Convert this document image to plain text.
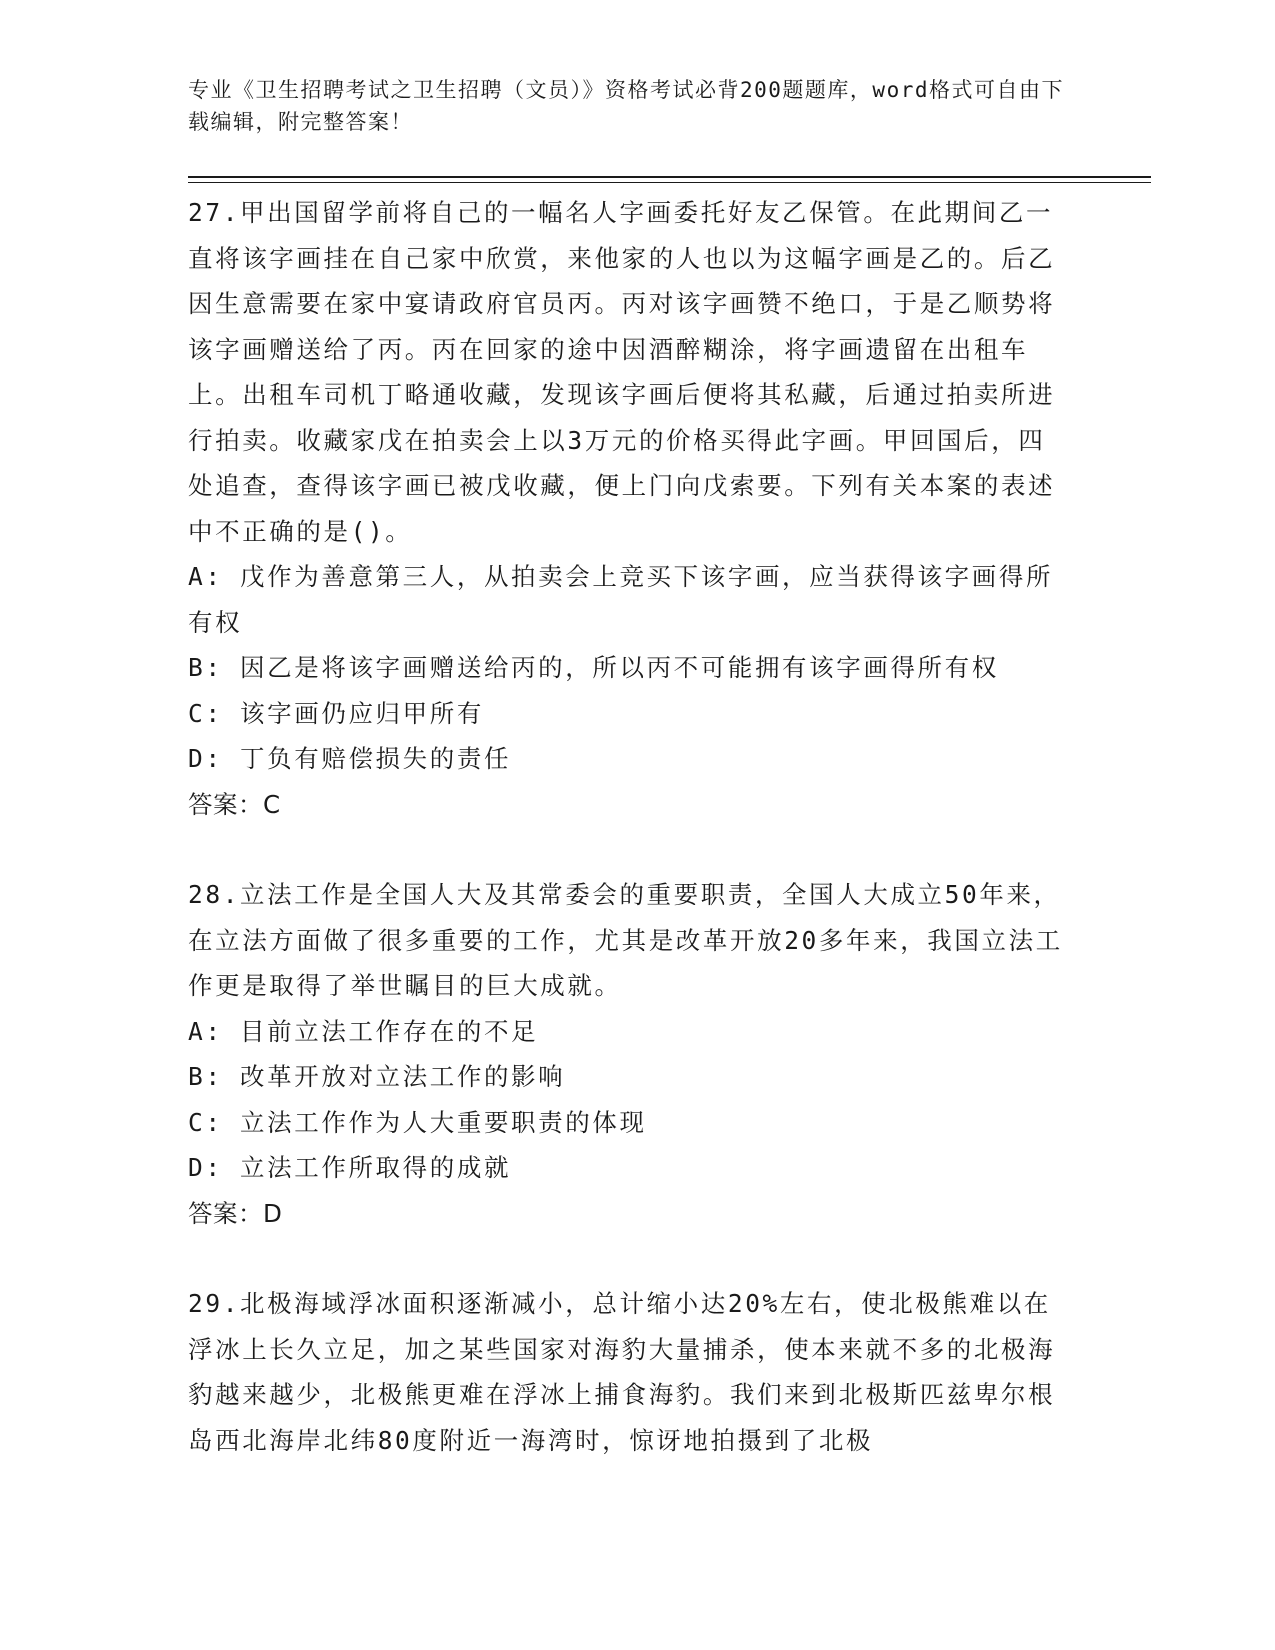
专业《卫生招聘考试之卫生招聘（文员）》资格考试必背200题题库，word格式可自由下载编辑，附完整答案！
27.甲出国留学前将自己的一幅名人字画委托好友乙保管。在此期间乙一直将该字画挂在自己家中欣赏，来他家的人也以为这幅字画是乙的。后乙因生意需要在家中宴请政府官员丙。丙对该字画赞不绝口，于是乙顺势将该字画赠送给了丙。丙在回家的途中因酒醉糊涂，将字画遗留在出租车上。出租车司机丁略通收藏，发现该字画后便将其私藏，后通过拍卖所进行拍卖。收藏家戊在拍卖会上以3万元的价格买得此字画。甲回国后，四处追查，查得该字画已被戊收藏，便上门向戊索要。下列有关本案的表述中不正确的是()。
A: 戊作为善意第三人，从拍卖会上竞买下该字画，应当获得该字画得所有权
B: 因乙是将该字画赠送给丙的，所以丙不可能拥有该字画得所有权
C: 该字画仍应归甲所有
D: 丁负有赔偿损失的责任
答案：C
28.立法工作是全国人大及其常委会的重要职责，全国人大成立50年来，在立法方面做了很多重要的工作，尤其是改革开放20多年来，我国立法工作更是取得了举世瞩目的巨大成就。
A: 目前立法工作存在的不足
B: 改革开放对立法工作的影响
C: 立法工作作为人大重要职责的体现
D: 立法工作所取得的成就
答案：D
29.北极海域浮冰面积逐渐减小，总计缩小达20%左右，使北极熊难以在浮冰上长久立足，加之某些国家对海豹大量捕杀，使本来就不多的北极海豹越来越少，北极熊更难在浮冰上捕食海豹。我们来到北极斯匹兹卑尔根岛西北海岸北纬80度附近一海湾时，惊讶地拍摄到了北极
